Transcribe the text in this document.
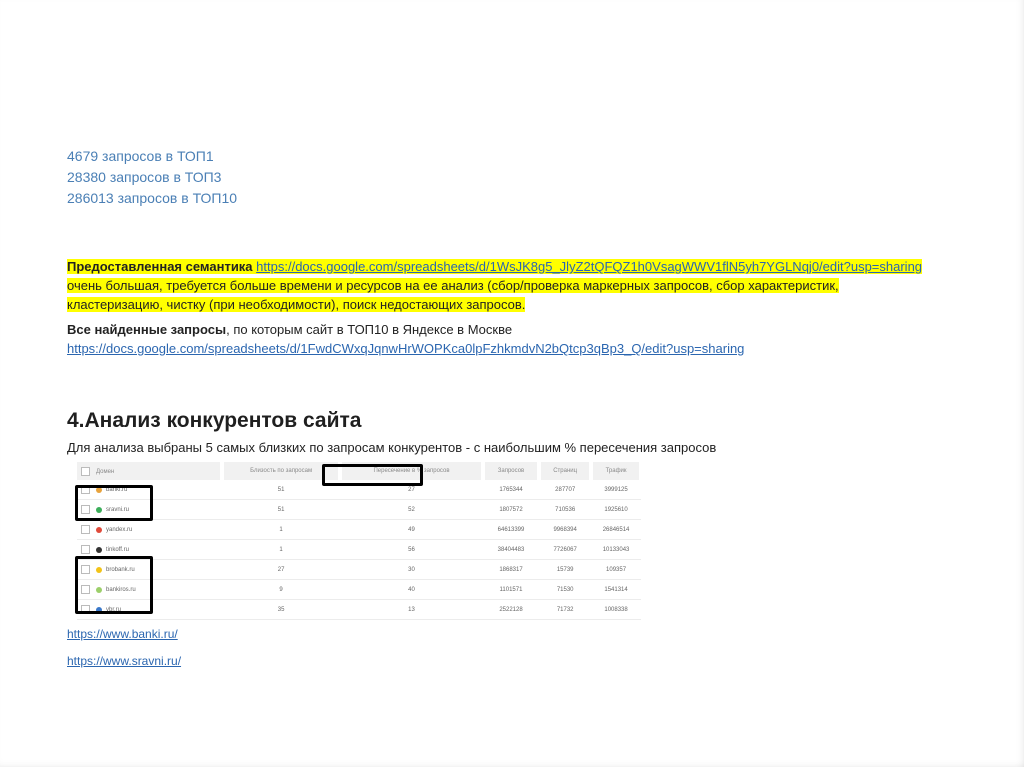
4679 запросов в ТОП1
28380 запросов в ТОП3
286013 запросов в ТОП10
Предоставленная семантика https://docs.google.com/spreadsheets/d/1WsJK8g5_JlyZ2tQFQZ1h0VsagWWV1flN5yh7YGLNqj0/edit?usp=sharing очень большая, требуется больше времени и ресурсов на ее анализ (сбор/проверка маркерных запросов, сбор характеристик, кластеризацию, чистку (при необходимости), поиск недостающих запросов.
Все найденные запросы, по которым сайт в ТОП10 в Яндексе в Москве
https://docs.google.com/spreadsheets/d/1FwdCWxqJqnwHrWOPKca0lpFzhkmdvN2bQtcp3qBp3_Q/edit?usp=sharing
4.Анализ конкурентов сайта
Для анализа выбраны 5 самых близких по запросам конкурентов - с наибольшим % пересечения запросов
Домен	Близость по запросам	Пересечение в % запросов	Запросов	Страниц	Трафик
banki.ru	51	27	1765344	287707	3999125
sravni.ru	51	52	1807572	710536	1925610
yandex.ru	1	49	64613399	9968394	26846514
tinkoff.ru	1	56	38404483	7726067	10133043
brobank.ru	27	30	1868317	15739	109357
bankiros.ru	9	40	1101571	71530	1541314
vbr.ru	35	13	2522128	71732	1008338
https://www.banki.ru/
https://www.sravni.ru/
